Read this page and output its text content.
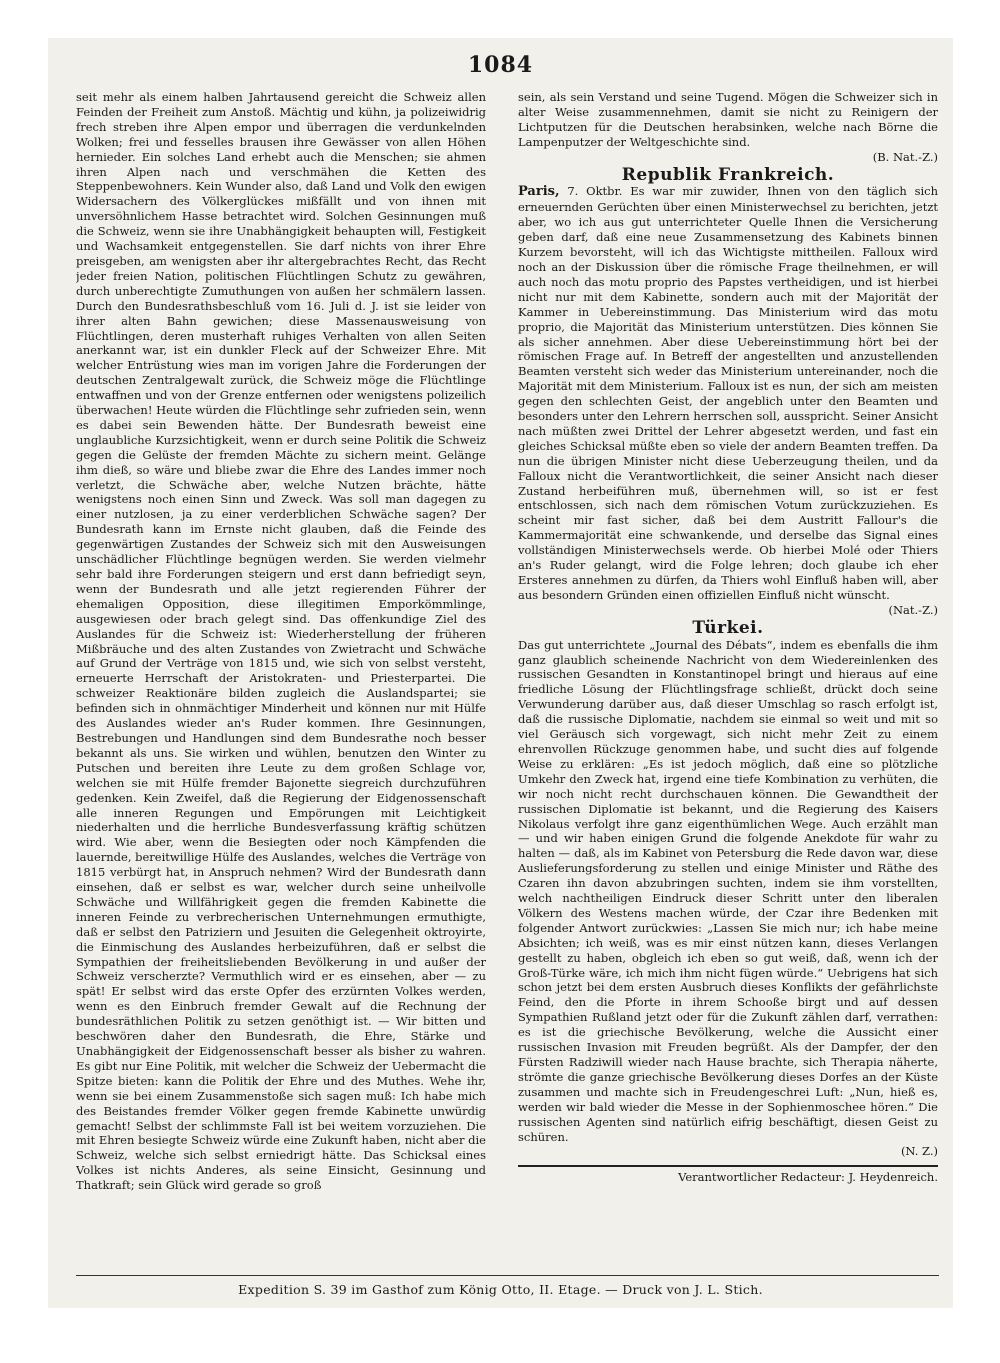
1084

seit mehr als einem halben Jahrtausend gereicht die Schweiz allen Feinden der Freiheit zum Anstoß. Mächtig und kühn, ja polizeiwidrig frech streben ihre Alpen empor und überragen die verdunkelnden Wolken; frei und fesselles brausen ihre Gewässer von allen Höhen hernieder. Ein solches Land erhebt auch die Menschen; sie ahmen ihren Alpen nach und verschmähen die Ketten des Steppenbewohners. Kein Wunder also, daß Land und Volk den ewigen Widersachern des Völkerglückes mißfällt und von ihnen mit unversöhnlichem Hasse betrachtet wird. Solchen Gesinnungen muß die Schweiz, wenn sie ihre Unabhängigkeit behaupten will, Festigkeit und Wachsamkeit entgegenstellen. Sie darf nichts von ihrer Ehre preisgeben, am wenigsten aber ihr altergebrachtes Recht, das Recht jeder freien Nation, politischen Flüchtlingen Schutz zu gewähren, durch unberechtigte Zumuthungen von außen her schmälern lassen. Durch den Bundesrathsbeschluß vom 16. Juli d. J. ist sie leider von ihrer alten Bahn gewichen; diese Massenausweisung von Flüchtlingen, deren musterhaft ruhiges Verhalten von allen Seiten anerkannt war, ist ein dunkler Fleck auf der Schweizer Ehre. Mit welcher Entrüstung wies man im vorigen Jahre die Forderungen der deutschen Zentralgewalt zurück, die Schweiz möge die Flüchtlinge entwaffnen und von der Grenze entfernen oder wenigstens polizeilich überwachen! Heute würden die Flüchtlinge sehr zufrieden sein, wenn es dabei sein Bewenden hätte. Der Bundesrath beweist eine unglaubliche Kurzsichtigkeit, wenn er durch seine Politik die Schweiz gegen die Gelüste der fremden Mächte zu sichern meint. Gelänge ihm dieß, so wäre und bliebe zwar die Ehre des Landes immer noch verletzt, die Schwäche aber, welche Nutzen brächte, hätte wenigstens noch einen Sinn und Zweck. Was soll man dagegen zu einer nutzlosen, ja zu einer verderblichen Schwäche sagen? Der Bundesrath kann im Ernste nicht glauben, daß die Feinde des gegenwärtigen Zustandes der Schweiz sich mit den Ausweisungen unschädlicher Flüchtlinge begnügen werden. Sie werden vielmehr sehr bald ihre Forderungen steigern und erst dann befriedigt seyn, wenn der Bundesrath und alle jetzt regierenden Führer der ehemaligen Opposition, diese illegitimen Emporkömmlinge, ausgewiesen oder brach gelegt sind. Das offenkundige Ziel des Auslandes für die Schweiz ist: Wiederherstellung der früheren Mißbräuche und des alten Zustandes von Zwietracht und Schwäche auf Grund der Verträge von 1815 und, wie sich von selbst versteht, erneuerte Herrschaft der Aristokraten- und Priesterpartei. Die schweizer Reaktionäre bilden zugleich die Auslandspartei; sie befinden sich in ohnmächtiger Minderheit und können nur mit Hülfe des Auslandes wieder an's Ruder kommen. Ihre Gesinnungen, Bestrebungen und Handlungen sind dem Bundesrathe noch besser bekannt als uns. Sie wirken und wühlen, benutzen den Winter zu Putschen und bereiten ihre Leute zu dem großen Schlage vor, welchen sie mit Hülfe fremder Bajonette siegreich durchzuführen gedenken. Kein Zweifel, daß die Regierung der Eidgenossenschaft alle inneren Regungen und Empörungen mit Leichtigkeit niederhalten und die herrliche Bundesverfassung kräftig schützen wird. Wie aber, wenn die Besiegten oder noch Kämpfenden die lauernde, bereitwillige Hülfe des Auslandes, welches die Verträge von 1815 verbürgt hat, in Anspruch nehmen? Wird der Bundesrath dann einsehen, daß er selbst es war, welcher durch seine unheilvolle Schwäche und Willfährigkeit gegen die fremden Kabinette die inneren Feinde zu verbrecherischen Unternehmungen ermuthigte, daß er selbst den Patriziern und Jesuiten die Gelegenheit oktroyirte, die Einmischung des Auslandes herbeizuführen, daß er selbst die Sympathien der freiheitsliebenden Bevölkerung in und außer der Schweiz verscherzte? Vermuthlich wird er es einsehen, aber — zu spät! Er selbst wird das erste Opfer des erzürnten Volkes werden, wenn es den Einbruch fremder Gewalt auf die Rechnung der bundesräthlichen Politik zu setzen genöthigt ist. — Wir bitten und beschwören daher den Bundesrath, die Ehre, Stärke und Unabhängigkeit der Eidgenossenschaft besser als bisher zu wahren. Es gibt nur Eine Politik, mit welcher die Schweiz der Uebermacht die Spitze bieten: kann die Politik der Ehre und des Muthes. Wehe ihr, wenn sie bei einem Zusammenstoße sich sagen muß: Ich habe mich des Beistandes fremder Völker gegen fremde Kabinette unwürdig gemacht! Selbst der schlimmste Fall ist bei weitem vorzuziehen. Die mit Ehren besiegte Schweiz würde eine Zukunft haben, nicht aber die Schweiz, welche sich selbst erniedrigt hätte. Das Schicksal eines Volkes ist nichts Anderes, als seine Einsicht, Gesinnung und Thatkraft; sein Glück wird gerade so groß

sein, als sein Verstand und seine Tugend. Mögen die Schweizer sich in alter Weise zusammennehmen, damit sie nicht zu Reinigern der Lichtputzen für die Deutschen herabsinken, welche nach Börne die Lampenputzer der Weltgeschichte sind.

(B. Nat.-Z.)

Republik Frankreich.

Paris, 7. Oktbr. Es war mir zuwider, Ihnen von den täglich sich erneuernden Gerüchten über einen Ministerwechsel zu berichten, jetzt aber, wo ich aus gut unterrichteter Quelle Ihnen die Versicherung geben darf, daß eine neue Zusammensetzung des Kabinets binnen Kurzem bevorsteht, will ich das Wichtigste mittheilen. Falloux wird noch an der Diskussion über die römische Frage theilnehmen, er will auch noch das motu proprio des Papstes vertheidigen, und ist hierbei nicht nur mit dem Kabinette, sondern auch mit der Majorität der Kammer in Uebereinstimmung. Das Ministerium wird das motu proprio, die Majorität das Ministerium unterstützen. Dies können Sie als sicher annehmen. Aber diese Uebereinstimmung hört bei der römischen Frage auf. In Betreff der angestellten und anzustellenden Beamten versteht sich weder das Ministerium untereinander, noch die Majorität mit dem Ministerium. Falloux ist es nun, der sich am meisten gegen den schlechten Geist, der angeblich unter den Beamten und besonders unter den Lehrern herrschen soll, ausspricht. Seiner Ansicht nach müßten zwei Drittel der Lehrer abgesetzt werden, und fast ein gleiches Schicksal müßte eben so viele der andern Beamten treffen. Da nun die übrigen Minister nicht diese Ueberzeugung theilen, und da Falloux nicht die Verantwortlichkeit, die seiner Ansicht nach dieser Zustand herbeiführen muß, übernehmen will, so ist er fest entschlossen, sich nach dem römischen Votum zurückzuziehen. Es scheint mir fast sicher, daß bei dem Austritt Fallour's die Kammermajorität eine schwankende, und derselbe das Signal eines vollständigen Ministerwechsels werde. Ob hierbei Molé oder Thiers an's Ruder gelangt, wird die Folge lehren; doch glaube ich eher Ersteres annehmen zu dürfen, da Thiers wohl Einfluß haben will, aber aus besondern Gründen einen offiziellen Einfluß nicht wünscht.

(Nat.-Z.)

Türkei.

Das gut unterrichtete „Journal des Débats“, indem es ebenfalls die ihm ganz glaublich scheinende Nachricht von dem Wiedereinlenken des russischen Gesandten in Konstantinopel bringt und hieraus auf eine friedliche Lösung der Flüchtlingsfrage schließt, drückt doch seine Verwunderung darüber aus, daß dieser Umschlag so rasch erfolgt ist, daß die russische Diplomatie, nachdem sie einmal so weit und mit so viel Geräusch sich vorgewagt, sich nicht mehr Zeit zu einem ehrenvollen Rückzuge genommen habe, und sucht dies auf folgende Weise zu erklären: „Es ist jedoch möglich, daß eine so plötzliche Umkehr den Zweck hat, irgend eine tiefe Kombination zu verhüten, die wir noch nicht recht durchschauen können. Die Gewandtheit der russischen Diplomatie ist bekannt, und die Regierung des Kaisers Nikolaus verfolgt ihre ganz eigenthümlichen Wege. Auch erzählt man — und wir haben einigen Grund die folgende Anekdote für wahr zu halten — daß, als im Kabinet von Petersburg die Rede davon war, diese Auslieferungsforderung zu stellen und einige Minister und Räthe des Czaren ihn davon abzubringen suchten, indem sie ihm vorstellten, welch nachtheiligen Eindruck dieser Schritt unter den liberalen Völkern des Westens machen würde, der Czar ihre Bedenken mit folgender Antwort zurückwies: „Lassen Sie mich nur; ich habe meine Absichten; ich weiß, was es mir einst nützen kann, dieses Verlangen gestellt zu haben, obgleich ich eben so gut weiß, daß, wenn ich der Groß-Türke wäre, ich mich ihm nicht fügen würde.“ Uebrigens hat sich schon jetzt bei dem ersten Ausbruch dieses Konflikts der gefährlichste Feind, den die Pforte in ihrem Schooße birgt und auf dessen Sympathien Rußland jetzt oder für die Zukunft zählen darf, verrathen: es ist die griechische Bevölkerung, welche die Aussicht einer russischen Invasion mit Freuden begrüßt. Als der Dampfer, der den Fürsten Radziwill wieder nach Hause brachte, sich Therapia näherte, strömte die ganze griechische Bevölkerung dieses Dorfes an der Küste zusammen und machte sich in Freudengeschrei Luft: „Nun, hieß es, werden wir bald wieder die Messe in der Sophienmoschee hören.“ Die russischen Agenten sind natürlich eifrig beschäftigt, diesen Geist zu schüren.

(N. Z.)

Verantwortlicher Redacteur: J. Heydenreich.
Expedition S. 39 im Gasthof zum König Otto, II. Etage. — Druck von J. L. Stich.
